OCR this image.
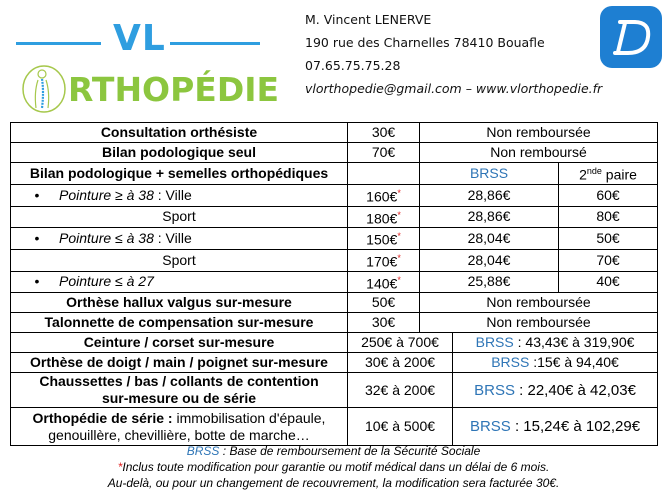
VL
RTHOPÉDIE
M. Vincent LENERVE
190 rue des Charnelles 78410 Bouafle
07.65.75.75.28
vlorthopedie@gmail.com – www.vlorthopedie.fr
Consultation orthésiste	30€	Non remboursée		
Bilan podologique seul	70€	Non remboursé		
Bilan podologique + semelles orthopédiques		BRSS		2nde paire
• Pointure ≥ à 38 : Ville	160€*	28,86€		60€
Sport	180€*	28,86€		80€
• Pointure ≤ à 38 : Ville	150€*	28,04€		50€
Sport	170€*	28,04€		70€
• Pointure ≤ à 27	140€*	25,88€		40€
Orthèse hallux valgus sur-mesure	50€	Non remboursée		
Talonnette de compensation sur-mesure	30€	Non remboursée		
Ceinture / corset sur-mesure	250€ à 700€		BRSS : 43,43€ à 319,90€	
Orthèse de doigt / main / poignet sur-mesure	30€ à 200€		BRSS :15€ à 94,40€	

Chaussettes / bas / collants de contention
sur-mesure ou de série	32€ à 200€		BRSS : 22,40€ à 42,03€	

Orthopédie de série : immobilisation d'épaule,
genouillère, chevillière, botte de marche…	10€ à 500€		BRSS : 15,24€ à 102,29€	
BRSS : Base de remboursement de la Sécurité Sociale
*Inclus toute modification pour garantie ou motif médical dans un délai de 6 mois.
Au-delà, ou pour un changement de recouvrement, la modification sera facturée 30€.
